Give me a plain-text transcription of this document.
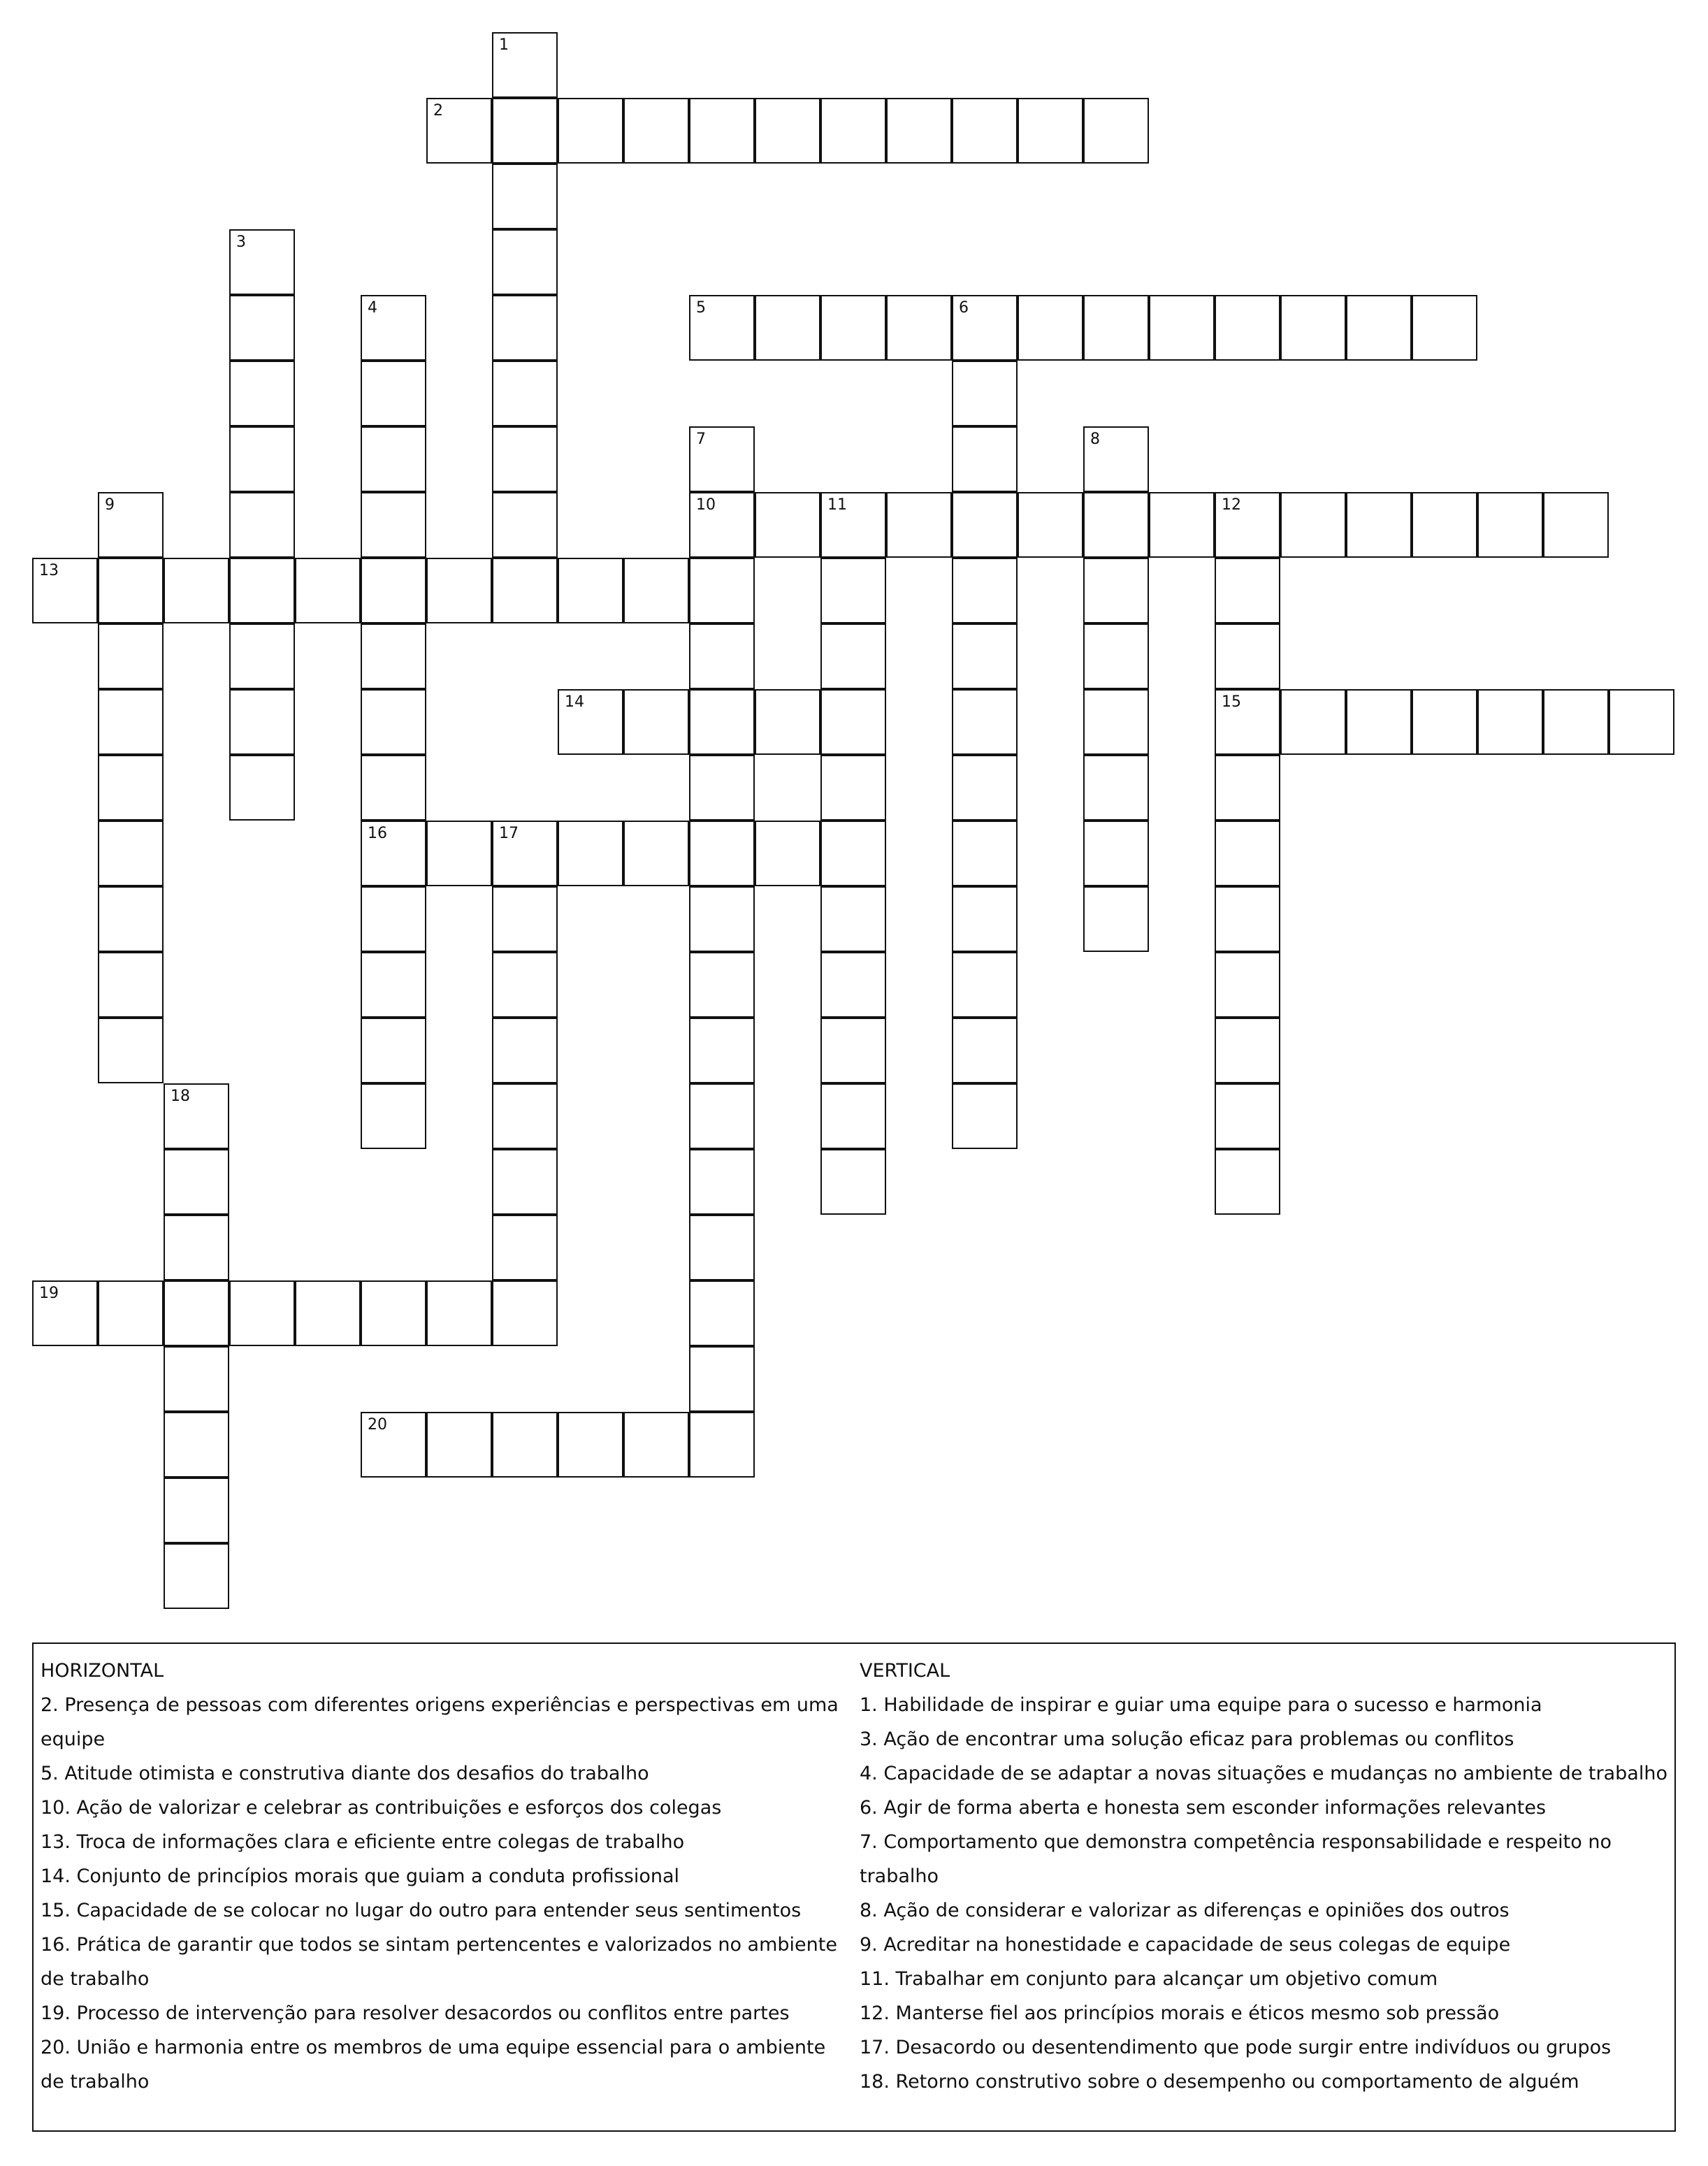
2
5	6
10	11	12
13
14	15
16	17
19
20
1
3
4
7	8
9
18
HORIZONTAL
2. Presença de pessoas com diferentes origens experiências e perspectivas em uma equipe
5. Atitude otimista e construtiva diante dos desafios do trabalho
10. Ação de valorizar e celebrar as contribuições e esforços dos colegas
13. Troca de informações clara e eficiente entre colegas de trabalho
14. Conjunto de princípios morais que guiam a conduta profissional
15. Capacidade de se colocar no lugar do outro para entender seus sentimentos
16. Prática de garantir que todos se sintam pertencentes e valorizados no ambiente de trabalho
19. Processo de intervenção para resolver desacordos ou conflitos entre partes
20. União e harmonia entre os membros de uma equipe essencial para o ambiente de trabalho
VERTICAL
1. Habilidade de inspirar e guiar uma equipe para o sucesso e harmonia
3. Ação de encontrar uma solução eficaz para problemas ou conflitos
4. Capacidade de se adaptar a novas situações e mudanças no ambiente de trabalho
6. Agir de forma aberta e honesta sem esconder informações relevantes
7. Comportamento que demonstra competência responsabilidade e respeito no trabalho
8. Ação de considerar e valorizar as diferenças e opiniões dos outros
9. Acreditar na honestidade e capacidade de seus colegas de equipe
11. Trabalhar em conjunto para alcançar um objetivo comum
12. Manterse fiel aos princípios morais e éticos mesmo sob pressão
17. Desacordo ou desentendimento que pode surgir entre indivíduos ou grupos
18. Retorno construtivo sobre o desempenho ou comportamento de alguém
